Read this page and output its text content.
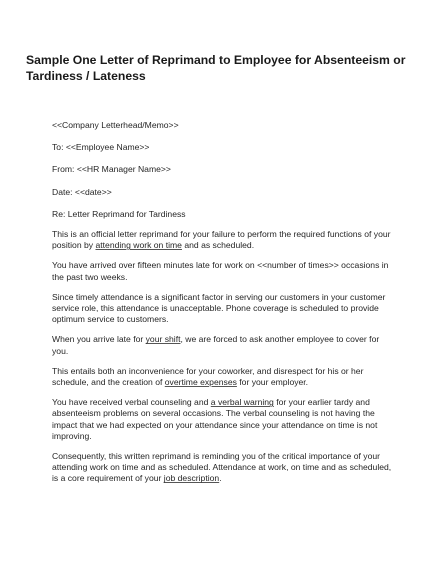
Sample One Letter of Reprimand to Employee for Absenteeism or Tardiness / Lateness

<<Company Letterhead/Memo>>

To: <<Employee Name>>

From: <<HR Manager Name>>

Date: <<date>>

Re: Letter Reprimand for Tardiness

This is an official letter reprimand for your failure to perform the required functions of your position by attending work on time and as scheduled.

You have arrived over fifteen minutes late for work on <<number of times>> occasions in the past two weeks.

Since timely attendance is a significant factor in serving our customers in your customer service role, this attendance is unacceptable. Phone coverage is scheduled to provide optimum service to customers.

When you arrive late for your shift, we are forced to ask another employee to cover for you.

This entails both an inconvenience for your coworker, and disrespect for his or her schedule, and the creation of overtime expenses for your employer.

You have received verbal counseling and a verbal warning for your earlier tardy and absenteeism problems on several occasions. The verbal counseling is not having the impact that we had expected on your attendance since your attendance on time is not improving.

Consequently, this written reprimand is reminding you of the critical importance of your attending work on time and as scheduled. Attendance at work, on time and as scheduled, is a core requirement of your job description.
